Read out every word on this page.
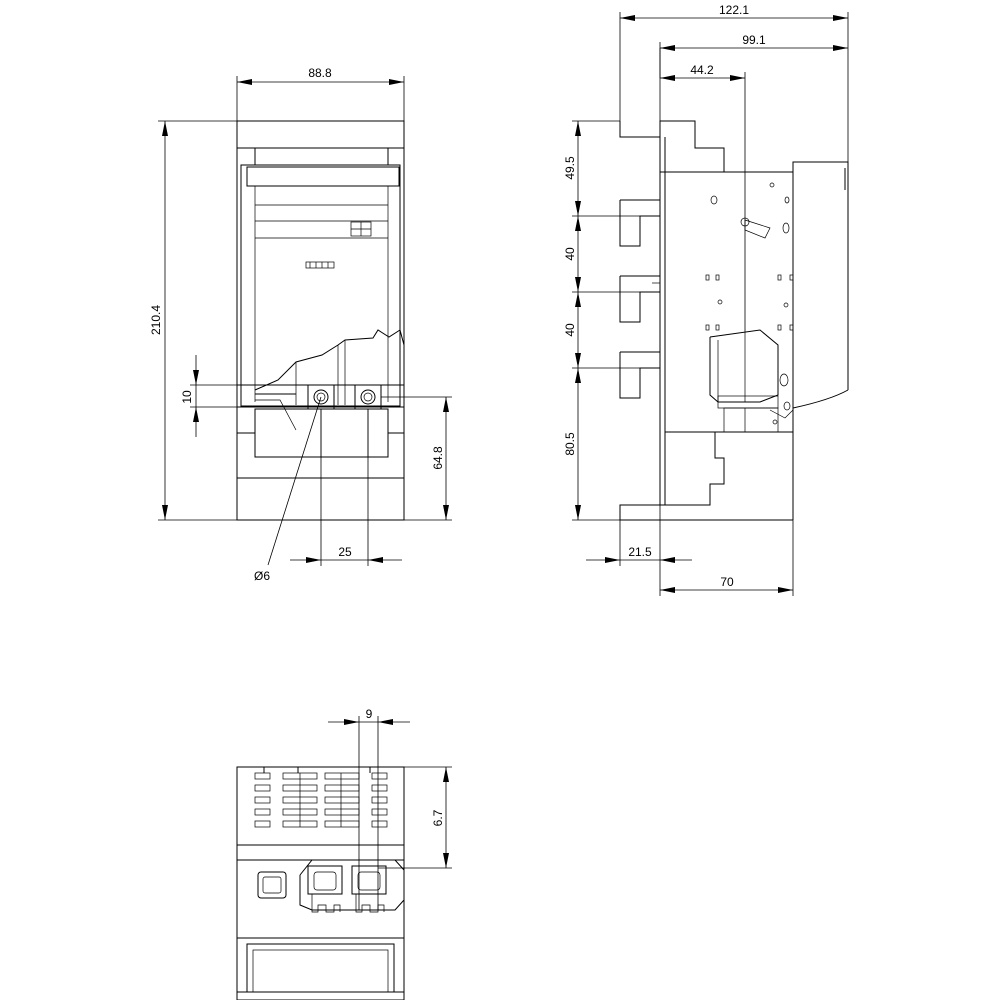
88.8
210.4
10
64.8
25
Ø6
122.1
99.1
44.2
49.5
40
40
80.5
21.5
70
9
6.7
